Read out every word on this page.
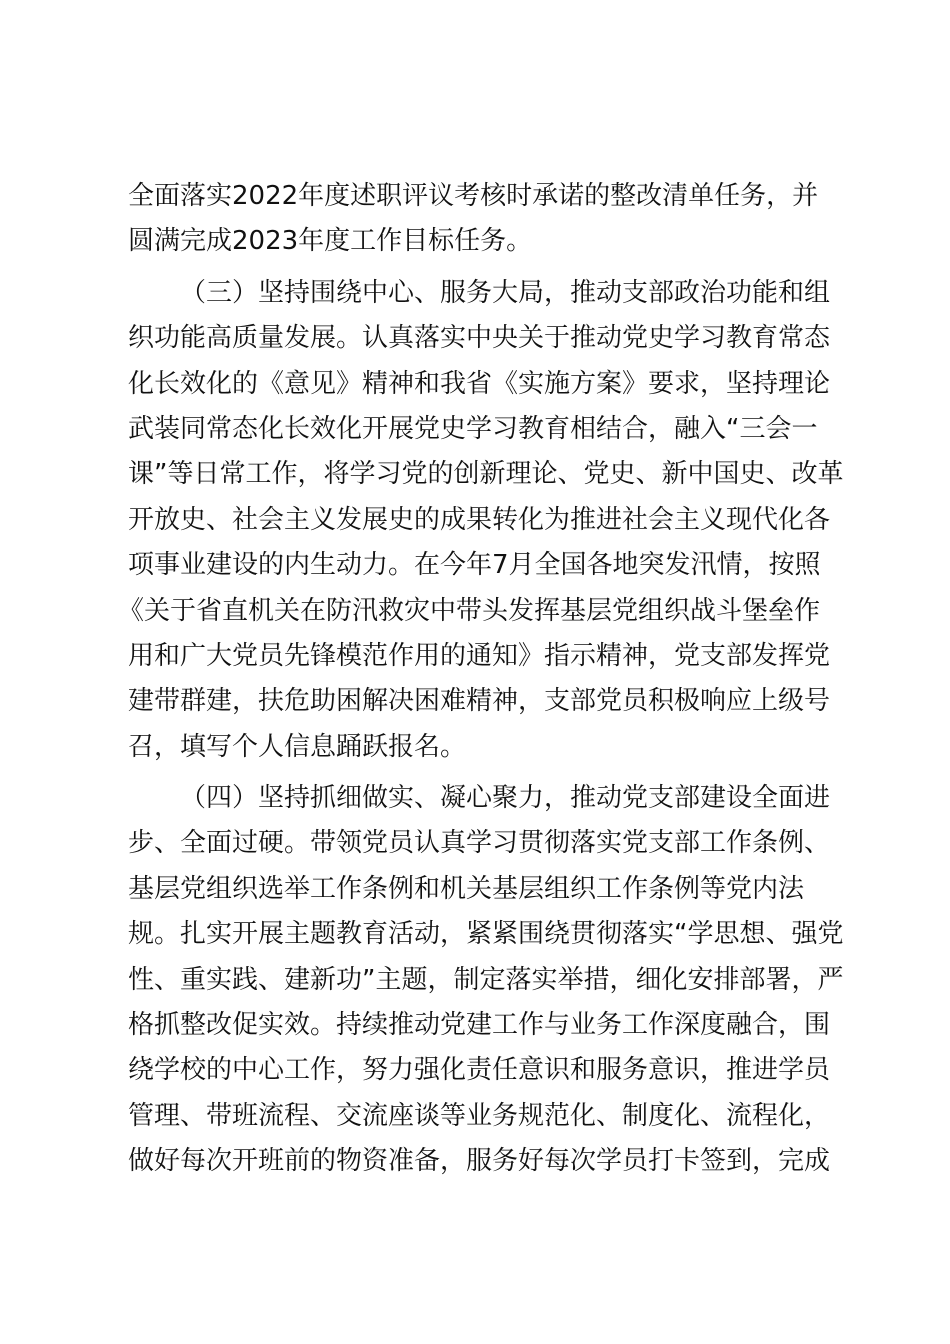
全面落实2022年度述职评议考核时承诺的整改清单任务，并
圆满完成2023年度工作目标任务。
（三）坚持围绕中心、服务大局，推动支部政治功能和组
织功能高质量发展。认真落实中央关于推动党史学习教育常态
化长效化的《意见》精神和我省《实施方案》要求，坚持理论
武装同常态化长效化开展党史学习教育相结合，融入“三会一
课”等日常工作，将学习党的创新理论、党史、新中国史、改革
开放史、社会主义发展史的成果转化为推进社会主义现代化各
项事业建设的内生动力。在今年7月全国各地突发汛情，按照
《关于省直机关在防汛救灾中带头发挥基层党组织战斗堡垒作
用和广大党员先锋模范作用的通知》指示精神，党支部发挥党
建带群建，扶危助困解决困难精神，支部党员积极响应上级号
召，填写个人信息踊跃报名。
（四）坚持抓细做实、凝心聚力，推动党支部建设全面进
步、全面过硬。带领党员认真学习贯彻落实党支部工作条例、
基层党组织选举工作条例和机关基层组织工作条例等党内法
规。扎实开展主题教育活动，紧紧围绕贯彻落实“学思想、强党
性、重实践、建新功”主题，制定落实举措，细化安排部署，严
格抓整改促实效。持续推动党建工作与业务工作深度融合，围
绕学校的中心工作，努力强化责任意识和服务意识，推进学员
管理、带班流程、交流座谈等业务规范化、制度化、流程化，
做好每次开班前的物资准备，服务好每次学员打卡签到，完成
